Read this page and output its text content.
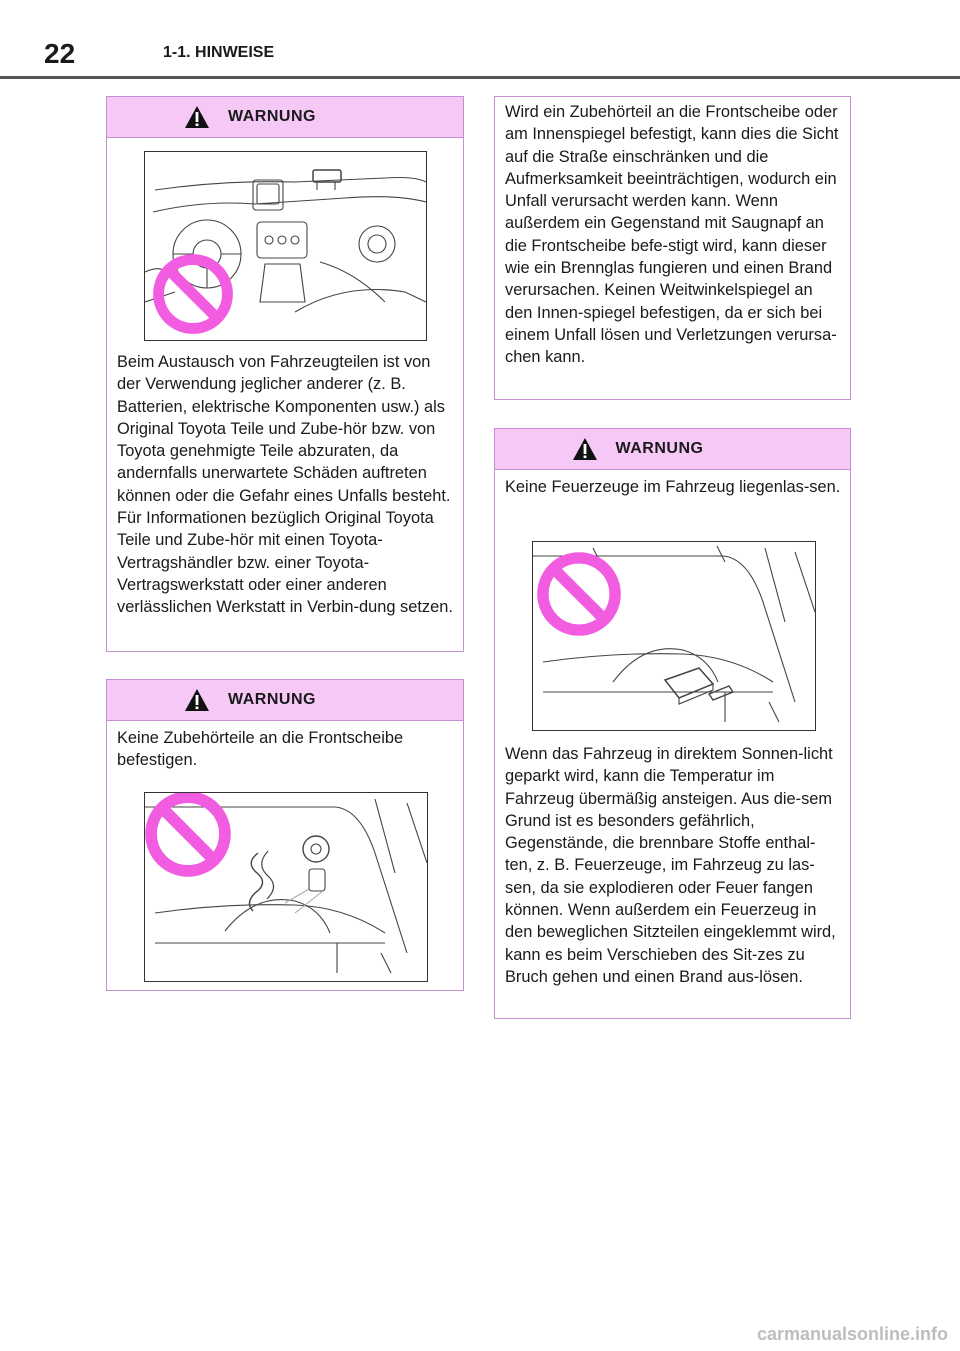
22	1-1. HINWEISE
WARNUNG
Beim Austausch von Fahrzeugteilen ist von der Verwendung jeglicher anderer (z. B. Batterien, elektrische Komponenten usw.) als Original Toyota Teile und Zube-hör bzw. von Toyota genehmigte Teile abzuraten, da andernfalls unerwartete Schäden auftreten können oder die Gefahr eines Unfalls besteht. Für Informationen bezüglich Original Toyota Teile und Zube-hör mit einen Toyota-Vertragshändler bzw. einer Toyota-Vertragswerkstatt oder einer anderen verlässlichen Werkstatt in Verbin-dung setzen.
WARNUNG
Keine Zubehörteile an die Frontscheibe befestigen.
Wird ein Zubehörteil an die Frontscheibe oder am Innenspiegel befestigt, kann dies die Sicht auf die Straße einschränken und die Aufmerksamkeit beeinträchtigen, wodurch ein Unfall verursacht werden kann. Wenn außerdem ein Gegenstand mit Saugnapf an die Frontscheibe befe-stigt wird, kann dieser wie ein Brennglas fungieren und einen Brand verursachen. Keinen Weitwinkelspiegel an den Innen-spiegel befestigen, da er sich bei einem Unfall lösen und Verletzungen verursa-chen kann.
WARNUNG
Keine Feuerzeuge im Fahrzeug liegenlas-sen.
Wenn das Fahrzeug in direktem Sonnen-licht geparkt wird, kann die Temperatur im Fahrzeug übermäßig ansteigen. Aus die-sem Grund ist es besonders gefährlich, Gegenstände, die brennbare Stoffe enthal-ten, z. B. Feuerzeuge, im Fahrzeug zu las-sen, da sie explodieren oder Feuer fangen können. Wenn außerdem ein Feuerzeug in den beweglichen Sitzteilen eingeklemmt wird, kann es beim Verschieben des Sit-zes zu Bruch gehen und einen Brand aus-lösen.
carmanualsonline.info
